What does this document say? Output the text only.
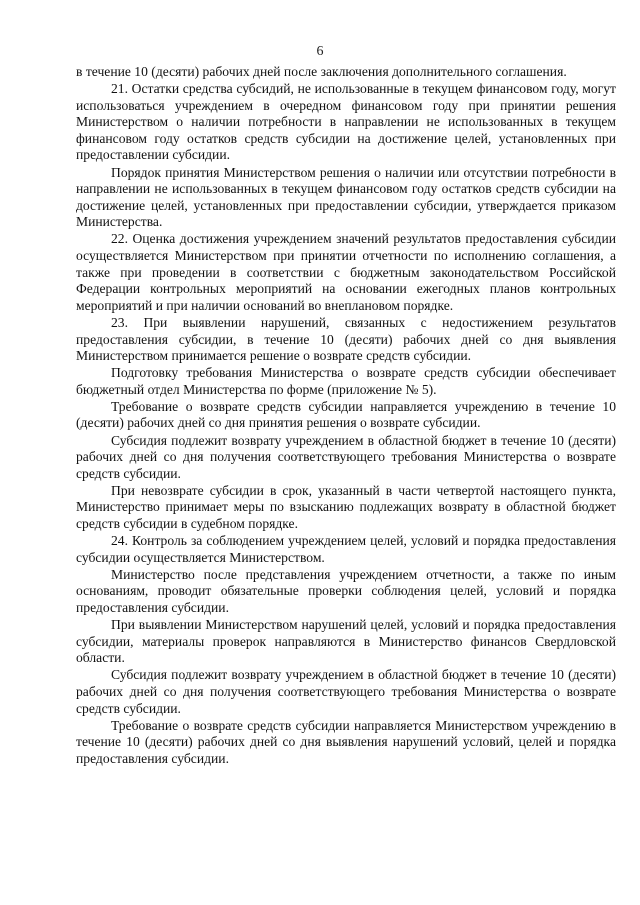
6

в течение 10 (десяти) рабочих дней после заключения дополнительного соглашения.

21. Остатки средства субсидий, не использованные в текущем финансовом году, могут использоваться учреждением в очередном финансовом году при принятии решения Министерством о наличии потребности в направлении не использованных в текущем финансовом году остатков средств субсидии на достижение целей, установленных при предоставлении субсидии.

Порядок принятия Министерством решения о наличии или отсутствии потребности в направлении не использованных в текущем финансовом году остатков средств субсидии на достижение целей, установленных при предоставлении субсидии, утверждается приказом Министерства.

22. Оценка достижения учреждением значений результатов предоставления субсидии осуществляется Министерством при принятии отчетности по исполнению соглашения, а также при проведении в соответствии с бюджетным законодательством Российской Федерации контрольных мероприятий на основании ежегодных планов контрольных мероприятий и при наличии оснований во внеплановом порядке.

23. При выявлении нарушений, связанных с недостижением результатов предоставления субсидии, в течение 10 (десяти) рабочих дней со дня выявления Министерством принимается решение о возврате средств субсидии.

Подготовку требования Министерства о возврате средств субсидии обеспечивает бюджетный отдел Министерства по форме (приложение № 5).

Требование о возврате средств субсидии направляется учреждению в течение 10 (десяти) рабочих дней со дня принятия решения о возврате субсидии.

Субсидия подлежит возврату учреждением в областной бюджет в течение 10 (десяти) рабочих дней со дня получения соответствующего требования Министерства о возврате средств субсидии.

При невозврате субсидии в срок, указанный в части четвертой настоящего пункта, Министерство принимает меры по взысканию подлежащих возврату в областной бюджет средств субсидии в судебном порядке.

24. Контроль за соблюдением учреждением целей, условий и порядка предоставления субсидии осуществляется Министерством.

Министерство после представления учреждением отчетности, а также по иным основаниям, проводит обязательные проверки соблюдения целей, условий и порядка предоставления субсидии.

При выявлении Министерством нарушений целей, условий и порядка предоставления субсидии, материалы проверок направляются в Министерство финансов Свердловской области.

Субсидия подлежит возврату учреждением в областной бюджет в течение 10 (десяти) рабочих дней со дня получения соответствующего требования Министерства о возврате средств субсидии.

Требование о возврате средств субсидии направляется Министерством учреждению в течение 10 (десяти) рабочих дней со дня выявления нарушений условий, целей и порядка предоставления субсидии.
